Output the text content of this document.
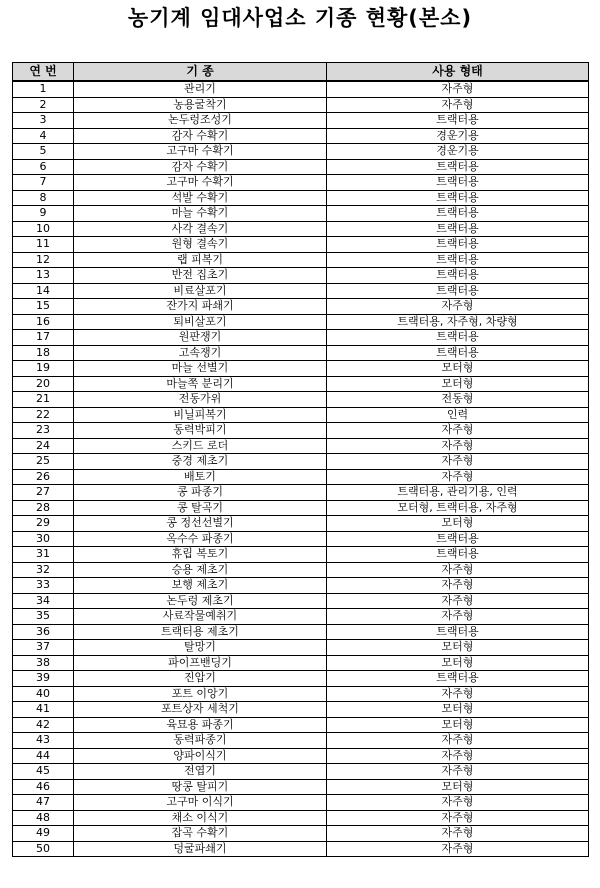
농기계 임대사업소 기종 현황(본소)
연 번	기 종	사용 형태
1	관리기	자주형
2	농용굴착기	자주형
3	논두렁조성기	트랙터용
4	감자 수확기	경운기용
5	고구마 수확기	경운기용
6	감자 수확기	트랙터용
7	고구마 수확기	트랙터용
8	석발 수확기	트랙터용
9	마늘 수확기	트랙터용
10	사각 결속기	트랙터용
11	원형 결속기	트랙터용
12	랩 피복기	트랙터용
13	반전 집초기	트랙터용
14	비료살포기	트랙터용
15	잔가지 파쇄기	자주형
16	퇴비살포기	트랙터용, 자주형, 차량형
17	원판쟁기	트랙터용
18	고속쟁기	트랙터용
19	마늘 선별기	모터형
20	마늘쪽 분리기	모터형
21	전동가위	전동형
22	비닐피복기	인력
23	동력박피기	자주형
24	스키드 로더	자주형
25	중경 제초기	자주형
26	배토기	자주형
27	콩 파종기	트랙터용, 관리기용, 인력
28	콩 탈곡기	모터형, 트랙터용, 자주형
29	콩 정선선별기	모터형
30	옥수수 파종기	트랙터용
31	휴립 복토기	트랙터용
32	승용 제초기	자주형
33	보행 제초기	자주형
34	논두렁 제초기	자주형
35	사료작물예취기	자주형
36	트랙터용 제초기	트랙터용
37	탈망기	모터형
38	파이프밴딩기	모터형
39	진압기	트랙터용
40	포트 이앙기	자주형
41	포트상자 세척기	모터형
42	육묘용 파종기	모터형
43	동력파종기	자주형
44	양파이식기	자주형
45	전엽기	자주형
46	땅콩 탈피기	모터형
47	고구마 이식기	자주형
48	채소 이식기	자주형
49	잡곡 수확기	자주형
50	덩굴파쇄기	자주형
